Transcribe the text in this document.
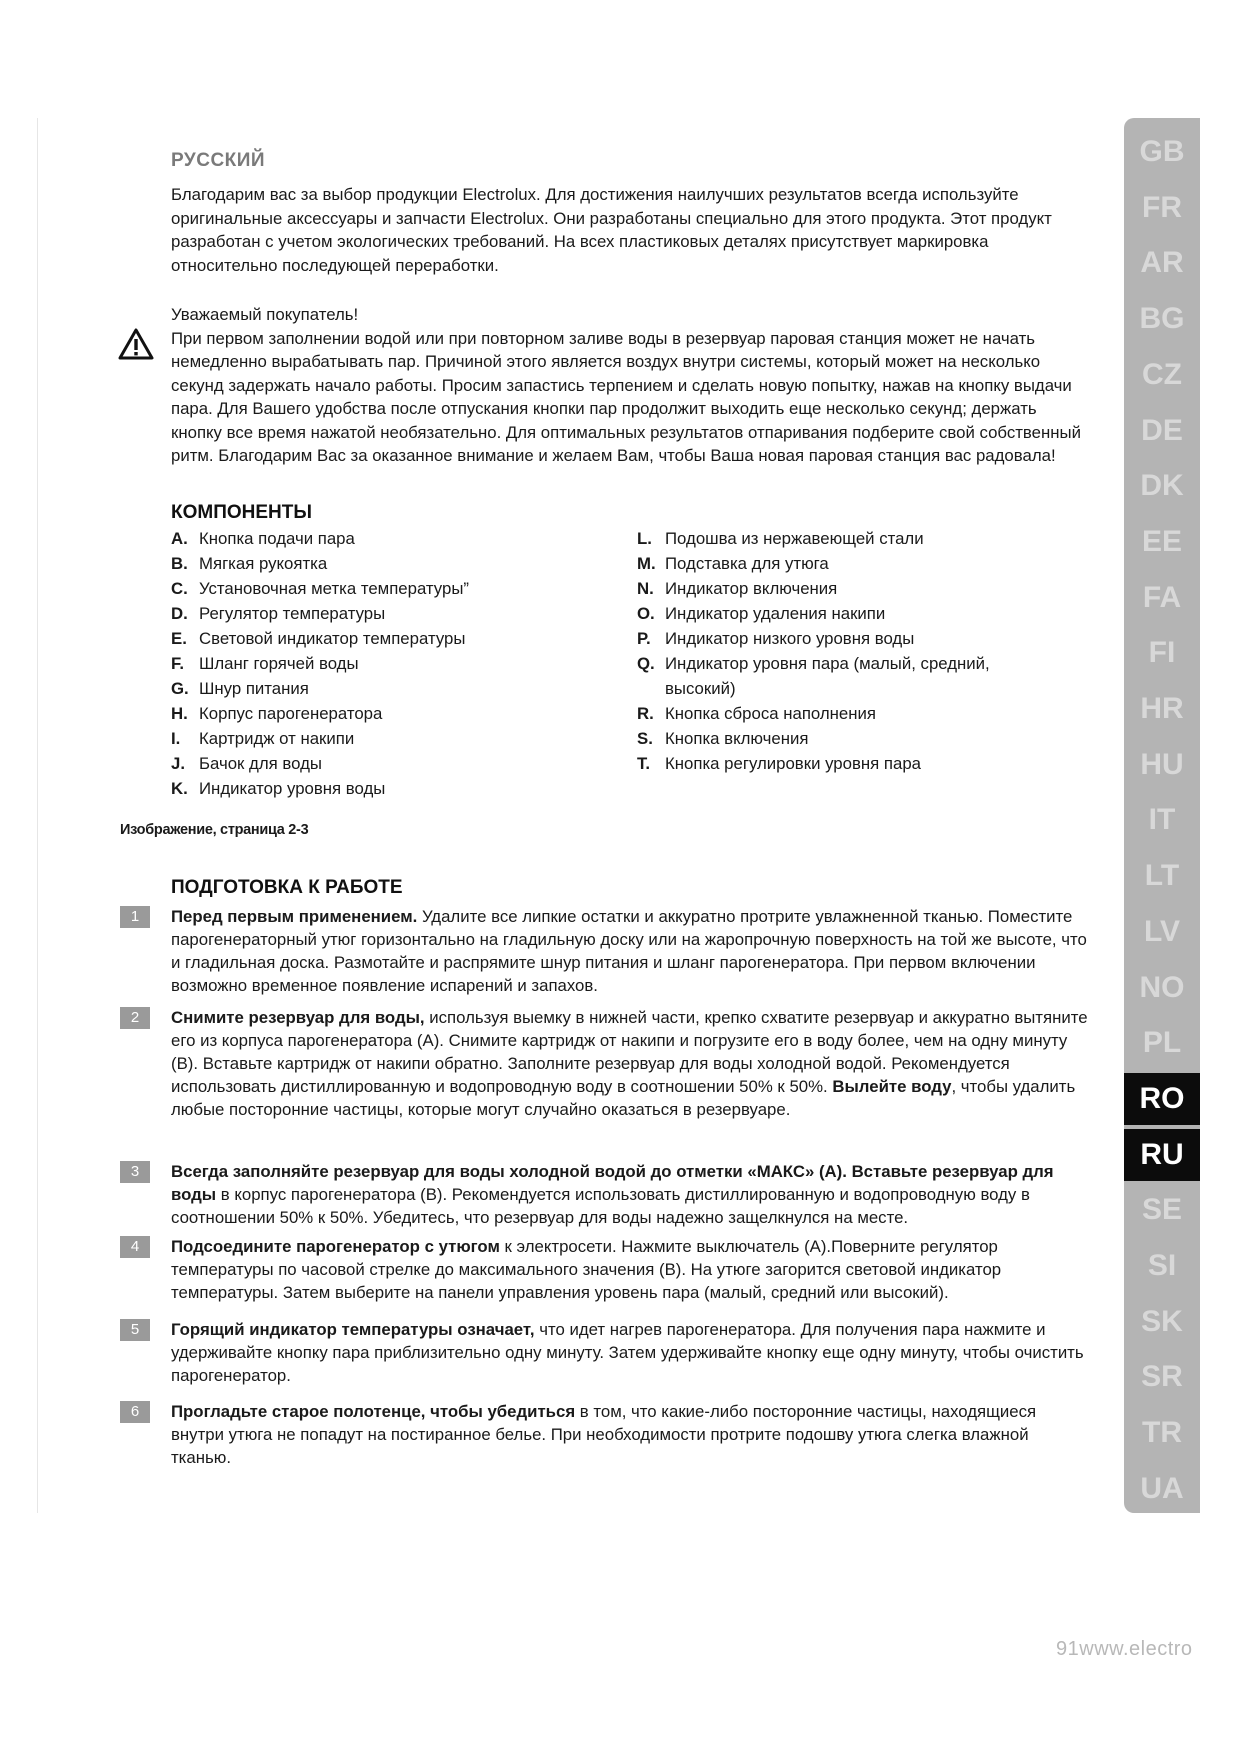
РУССКИЙ
Благодарим вас за выбор продукции Electrolux. Для достижения наилучших результатов всегда используйте оригинальные аксессуары и запчасти Electrolux. Они разработаны специально для этого продукта. Этот продукт разработан с учетом экологических требований. На всех пластиковых деталях присутствует маркировка относительно последующей переработки.
Уважаемый покупатель!
При первом заполнении водой или при повторном заливе воды в резервуар паровая станция может не начать немедленно вырабатывать пар. Причиной этого является воздух внутри системы, который может на несколько секунд задержать начало работы. Просим запастись терпением и сделать новую попытку, нажав на кнопку выдачи пара. Для Вашего удобства после отпускания кнопки пар продолжит выходить еще несколько секунд; держать кнопку все время нажатой необязательно. Для оптимальных результатов отпаривания подберите свой собственный ритм. Благодарим Вас за оказанное внимание и желаем Вам, чтобы Ваша новая паровая станция вас радовала!
КОМПОНЕНТЫ
A. Кнопка подачи пара
B. Мягкая рукоятка
C. Установочная метка температуры”
D. Регулятор температуры
E. Световой индикатор температуры
F. Шланг горячей воды
G. Шнур питания
H. Корпус парогенератора
I.	Картридж от накипи
J. Бачок для воды
K. Индикатор уровня воды
L. Подошва из нержавеющей стали
M. Подставка для утюга
N. Индикатор включения
O. Индикатор удаления накипи
P. Индикатор низкого уровня воды
Q. Индикатор уровня пара (малый, средний, высокий)
R. Кнопка сброса наполнения
S. Кнопка включения
T. Кнопка регулировки уровня пара
Изображение, страница 2-3
ПОДГОТОВКА К РАБОТЕ
1	Перед первым применением. Удалите все липкие остатки и аккуратно протрите увлажненной тканью. Поместите парогенераторный утюг горизонтально на гладильную доску или на жаропрочную поверхность на той же высоте, что и гладильная доска. Размотайте и распрямите шнур питания и шланг парогенератора. При первом включении возможно временное появление испарений и запахов.
2	Снимите резервуар для воды, используя выемку в нижней части, крепко схватите резервуар и аккуратно вытяните его из корпуса парогенератора (A). Снимите картридж от накипи и погрузите его в воду более, чем на одну минуту (B). Вставьте картридж от накипи обратно. Заполните резервуар для воды холодной водой. Рекомендуется использовать дистиллированную и водопроводную воду в соотношении 50% к 50%. Вылейте воду, чтобы удалить любые посторонние частицы, которые могут случайно оказаться в резервуаре.
3	Всегда заполняйте резервуар для воды холодной водой до отметки «МАКС» (A). Вставьте резервуар для воды в корпус парогенератора (B). Рекомендуется использовать дистиллированную и водопроводную воду в соотношении 50% к 50%. Убедитесь, что резервуар для воды надежно защелкнулся на месте.
4	Подсоедините парогенератор с утюгом к электросети. Нажмите выключатель (A).Поверните регулятор температуры по часовой стрелке до максимального значения (B). На утюге загорится световой индикатор температуры. Затем выберите на панели управления уровень пара (малый, средний или высокий).
5	Горящий индикатор температуры означает, что идет нагрев парогенератора. Для получения пара нажмите и удерживайте кнопку пара приблизительно одну минуту. Затем удерживайте кнопку еще одну минуту, чтобы очистить парогенератор.
6	Прогладьте старое полотенце, чтобы убедиться в том, что какие-либо посторонние частицы, находящиеся внутри утюга не попадут на постиранное белье. При необходимости протрите подошву утюга слегка влажной тканью.
GB
FR
AR
BG
CZ
DE
DK
EE
FA
FI
HR
HU
IT
LT
LV
NO
PL
RO
RU
SE
SI
SK
SR
TR
UA
91www.electro
